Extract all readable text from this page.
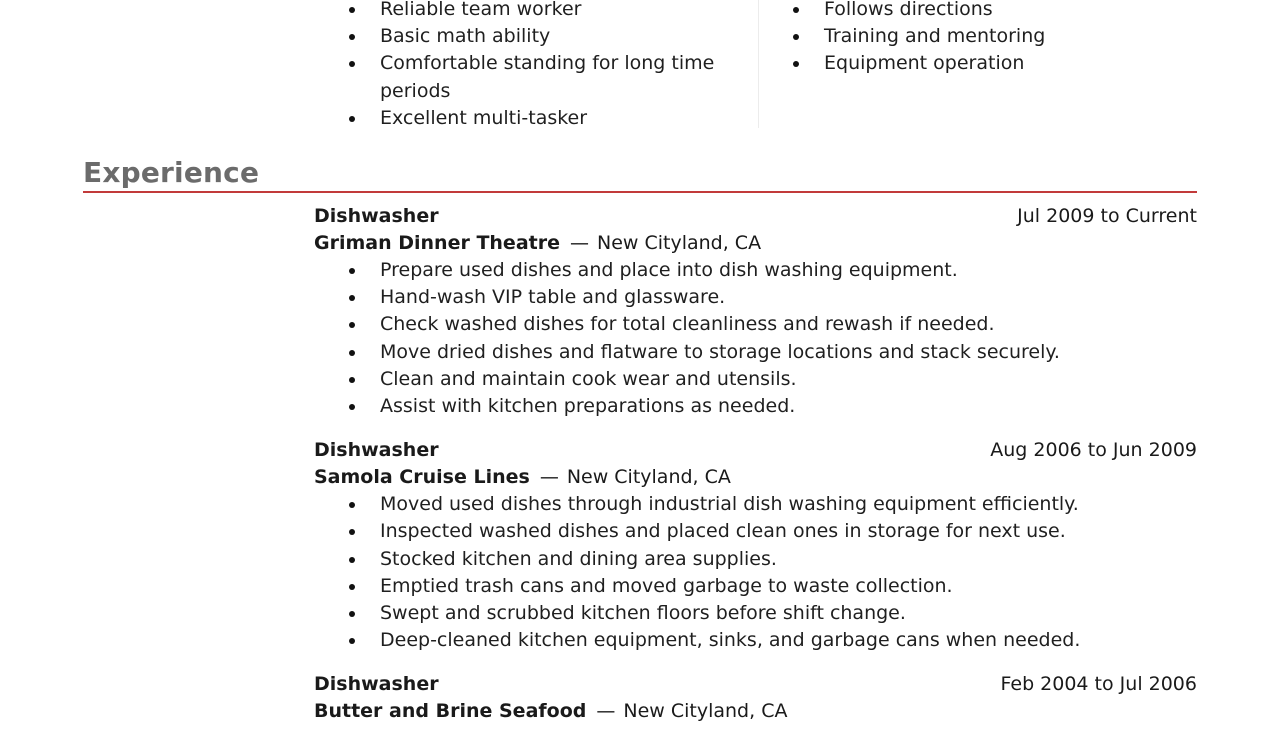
Reliable team worker
Basic math ability
Comfortable standing for long time periods
Excellent multi-tasker
Follows directions
Training and mentoring
Equipment operation
Experience
Dishwasher	Jul 2009 to Current
Griman Dinner Theatre — New Cityland, CA
Prepare used dishes and place into dish washing equipment.
Hand-wash VIP table and glassware.
Check washed dishes for total cleanliness and rewash if needed.
Move dried dishes and flatware to storage locations and stack securely.
Clean and maintain cook wear and utensils.
Assist with kitchen preparations as needed.
Dishwasher	Aug 2006 to Jun 2009
Samola Cruise Lines — New Cityland, CA
Moved used dishes through industrial dish washing equipment efficiently.
Inspected washed dishes and placed clean ones in storage for next use.
Stocked kitchen and dining area supplies.
Emptied trash cans and moved garbage to waste collection.
Swept and scrubbed kitchen floors before shift change.
Deep-cleaned kitchen equipment, sinks, and garbage cans when needed.
Dishwasher	Feb 2004 to Jul 2006
Butter and Brine Seafood — New Cityland, CA
